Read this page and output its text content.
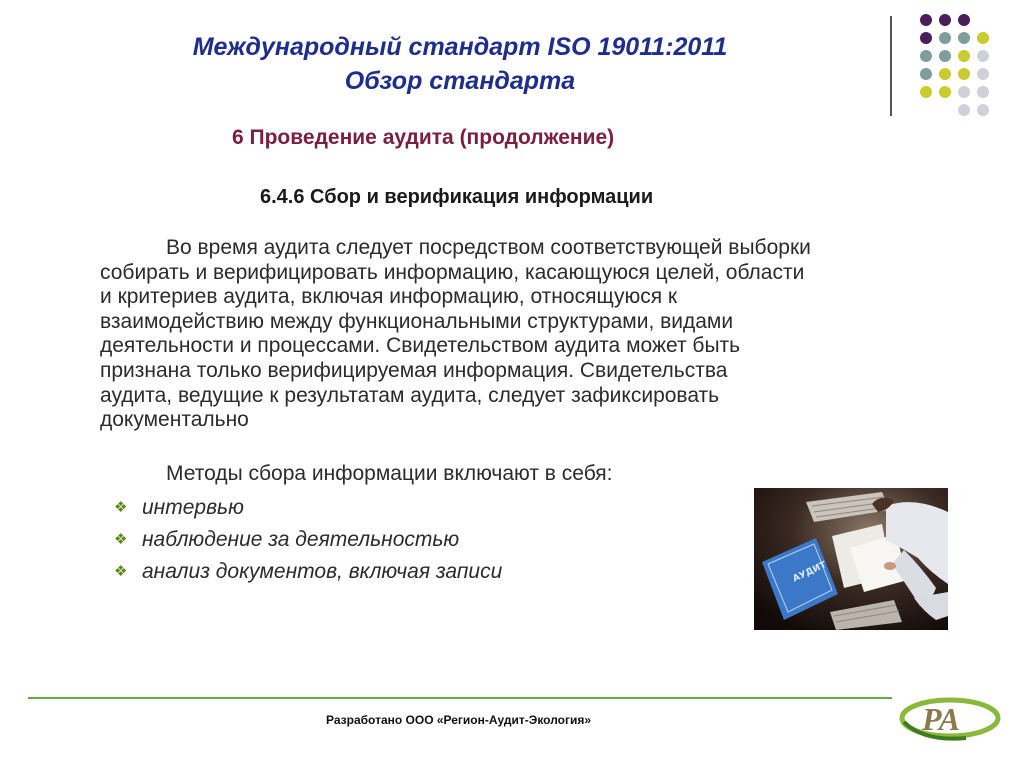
Международный стандарт ISO 19011:2011
Обзор стандарта
6 Проведение аудита (продолжение)
6.4.6 Сбор и верификация информации
Во время аудита следует посредством соответствующей выборки
собирать и верифицировать информацию, касающуюся целей, области
и критериев аудита, включая информацию, относящуюся к
взаимодействию между функциональными структурами, видами
деятельности и процессами. Свидетельством аудита может быть
признана только верифицируемая информация. Свидетельства
аудита, ведущие к результатам аудита, следует зафиксировать
документально
Методы сбора информации включают в себя:
❖ интервью
❖ наблюдение за деятельностью
❖ анализ документов, включая записи	АУДИТ
Разработано ООО «Регион-Аудит-Экология»	РА
